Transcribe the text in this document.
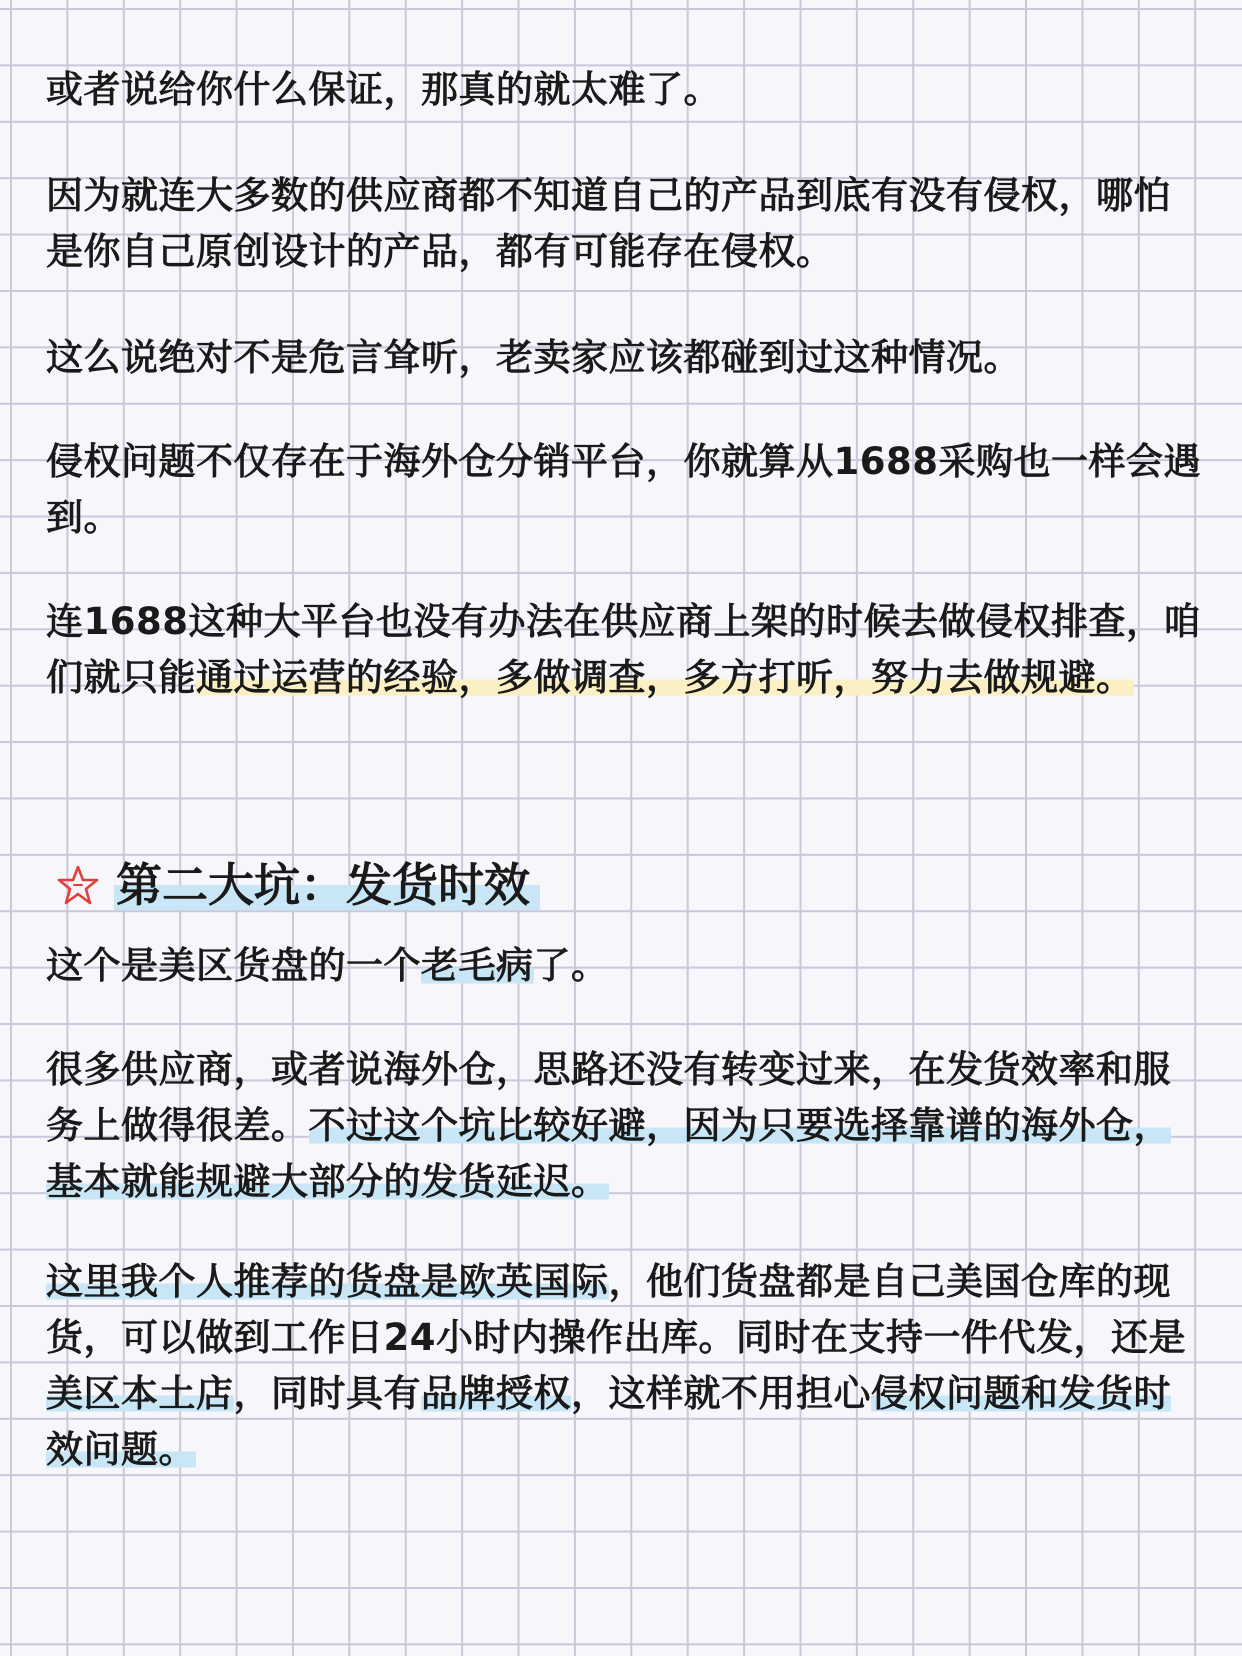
或者说给你什么保证，那真的就太难了。

因为就连大多数的供应商都不知道自己的产品到底有没有侵权，哪怕是你自己原创设计的产品，都有可能存在侵权。

这么说绝对不是危言耸听，老卖家应该都碰到过这种情况。

侵权问题不仅存在于海外仓分销平台，你就算从1688采购也一样会遇到。

连1688这种大平台也没有办法在供应商上架的时候去做侵权排查，咱们就只能通过运营的经验，多做调查，多方打听，努力去做规避。

第二大坑：发货时效

这个是美区货盘的一个老毛病了。

很多供应商，或者说海外仓，思路还没有转变过来，在发货效率和服务上做得很差。不过这个坑比较好避，因为只要选择靠谱的海外仓，基本就能规避大部分的发货延迟。

这里我个人推荐的货盘是欧英国际，他们货盘都是自己美国仓库的现货，可以做到工作日24小时内操作出库。同时在支持一件代发，还是美区本土店，同时具有品牌授权，这样就不用担心侵权问题和发货时效问题。
